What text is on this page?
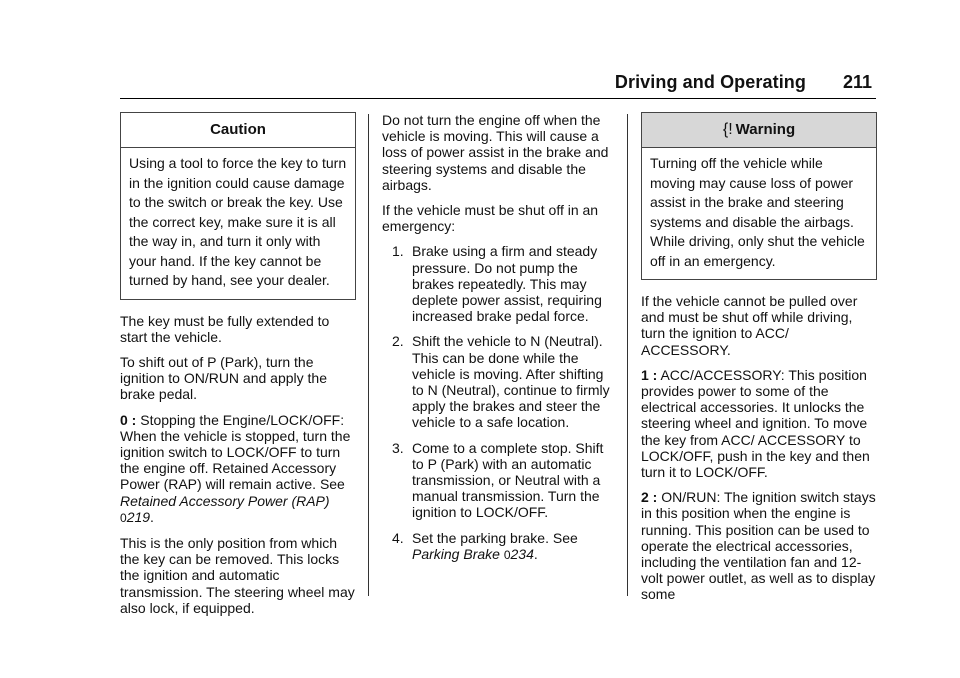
Driving and Operating 211
Caution
Using a tool to force the key to turn in the ignition could cause damage to the switch or break the key. Use the correct key, make sure it is all the way in, and turn it only with your hand. If the key cannot be turned by hand, see your dealer.

The key must be fully extended to start the vehicle.

To shift out of P (Park), turn the ignition to ON/RUN and apply the brake pedal.

0 : Stopping the Engine/LOCK/OFF: When the vehicle is stopped, turn the ignition switch to LOCK/OFF to turn the engine off. Retained Accessory Power (RAP) will remain active. See Retained Accessory Power (RAP) 0219.

This is the only position from which the key can be removed. This locks the ignition and automatic transmission. The steering wheel may also lock, if equipped.

Do not turn the engine off when the vehicle is moving. This will cause a loss of power assist in the brake and steering systems and disable the airbags.

If the vehicle must be shut off in an emergency:

1. Brake using a firm and steady pressure. Do not pump the brakes repeatedly. This may deplete power assist, requiring increased brake pedal force.
2. Shift the vehicle to N (Neutral). This can be done while the vehicle is moving. After shifting to N (Neutral), continue to firmly apply the brakes and steer the vehicle to a safe location.
3. Come to a complete stop. Shift to P (Park) with an automatic transmission, or Neutral with a manual transmission. Turn the ignition to LOCK/OFF.
4. Set the parking brake. See
Parking Brake 0234.
{! Warning
Turning off the vehicle while moving may cause loss of power assist in the brake and steering systems and disable the airbags. While driving, only shut the vehicle off in an emergency.

If the vehicle cannot be pulled over and must be shut off while driving, turn the ignition to ACC/ ACCESSORY.

1 : ACC/ACCESSORY: This position provides power to some of the electrical accessories. It unlocks the steering wheel and ignition. To move the key from ACC/ ACCESSORY to LOCK/OFF, push in the key and then turn it to LOCK/OFF.

2 : ON/RUN: The ignition switch stays in this position when the engine is running. This position can be used to operate the electrical accessories, including the ventilation fan and 12-volt power outlet, as well as to display some
